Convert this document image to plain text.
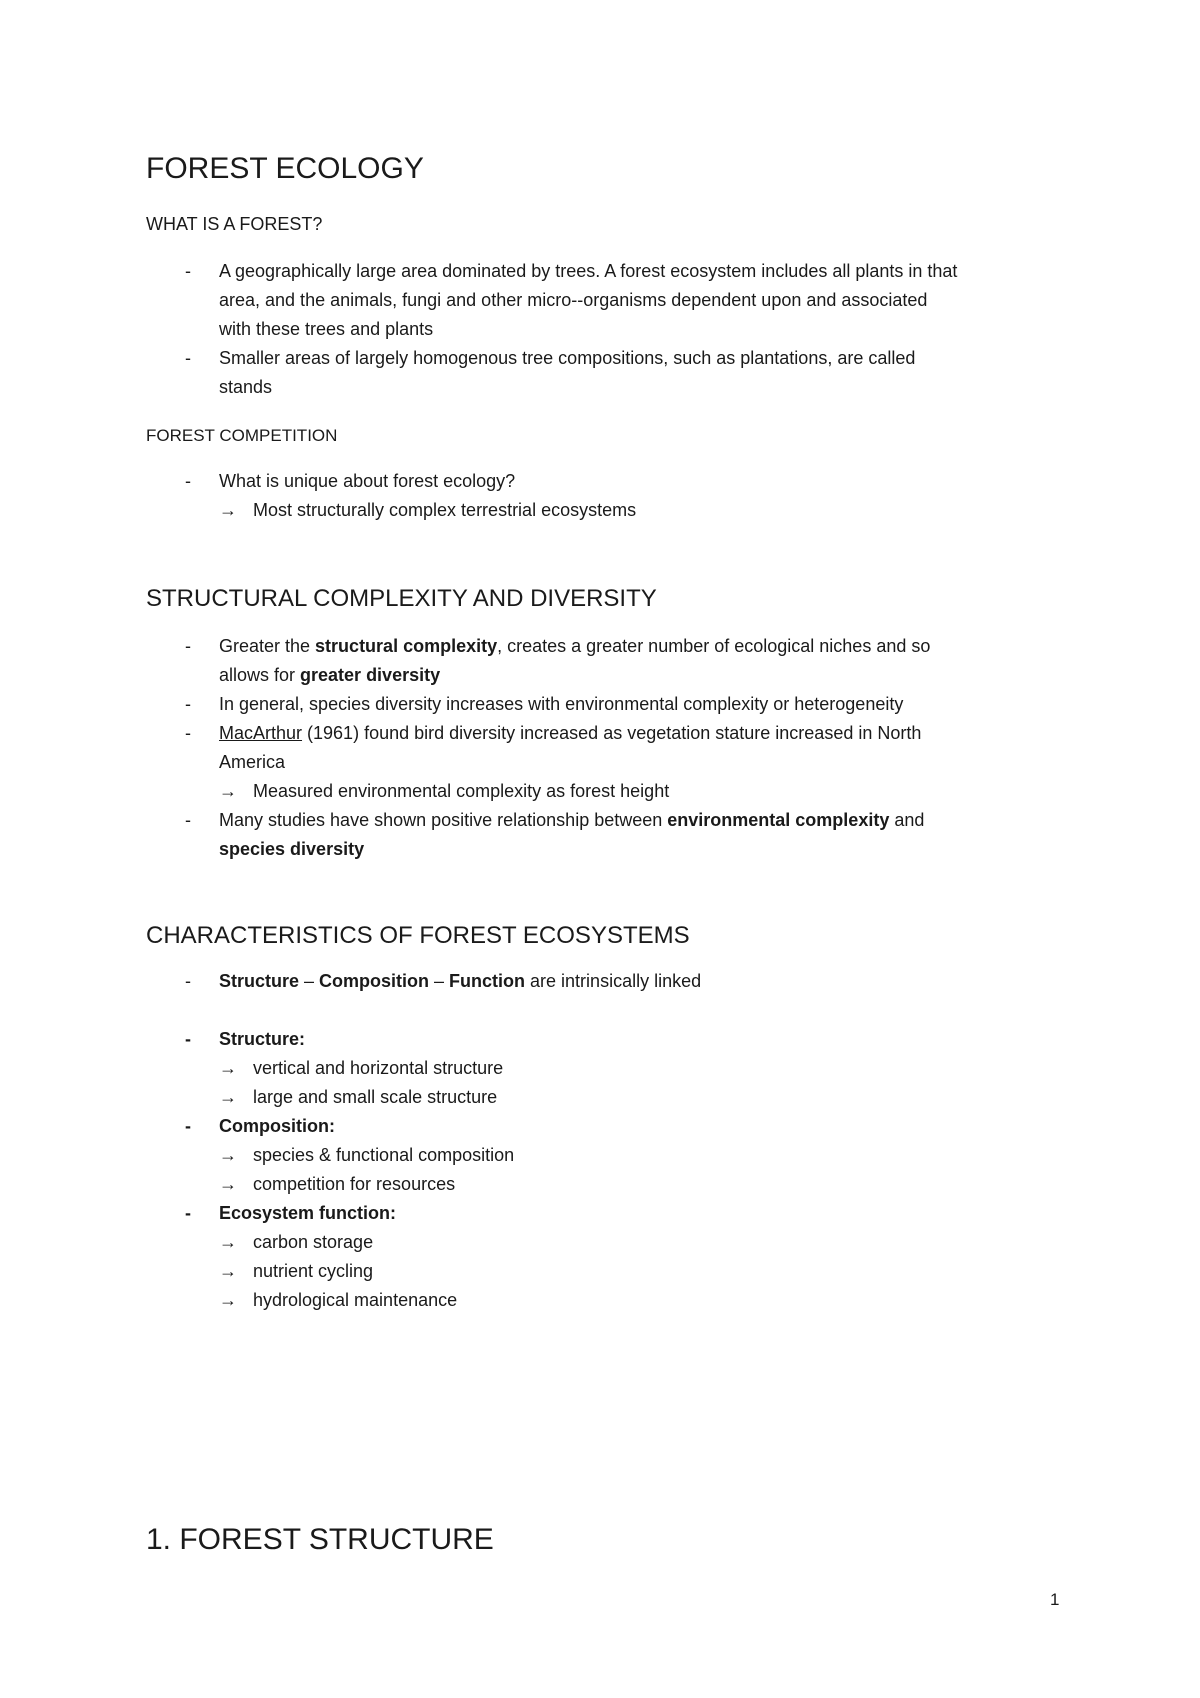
FOREST ECOLOGY
WHAT IS A FOREST?
- A geographically large area dominated by trees. A forest ecosystem includes all plants in that
area, and the animals, fungi and other micro--organisms dependent upon and associated
with these trees and plants
- Smaller areas of largely homogenous tree compositions, such as plantations, are called
stands
FOREST COMPETITION
- What is unique about forest ecology?
→ Most structurally complex terrestrial ecosystems
STRUCTURAL COMPLEXITY AND DIVERSITY
- Greater the structural complexity, creates a greater number of ecological niches and so
allows for greater diversity
- In general, species diversity increases with environmental complexity or heterogeneity
- MacArthur (1961) found bird diversity increased as vegetation stature increased in North
America
→ Measured environmental complexity as forest height
- Many studies have shown positive relationship between environmental complexity and
species diversity
CHARACTERISTICS OF FOREST ECOSYSTEMS
- Structure – Composition – Function are intrinsically linked
- Structure:
→ vertical and horizontal structure
→ large and small scale structure
- Composition:
→ species & functional composition
→ competition for resources
- Ecosystem function:
→ carbon storage
→ nutrient cycling
→ hydrological maintenance
1. FOREST STRUCTURE
1
